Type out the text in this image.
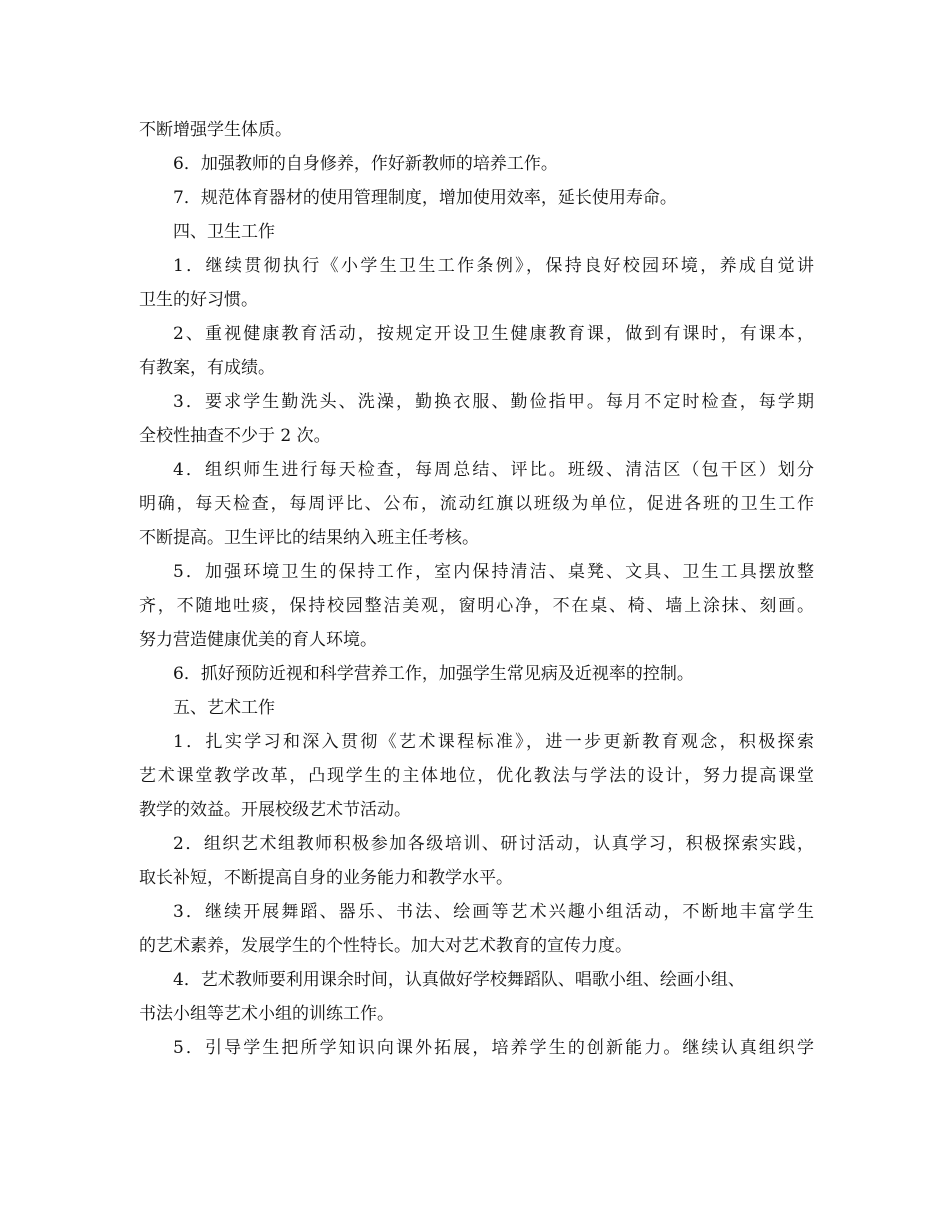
不断增强学生体质。
6．加强教师的自身修养，作好新教师的培养工作。
7．规范体育器材的使用管理制度，增加使用效率，延长使用寿命。
四、卫生工作
1．继续贯彻执行《小学生卫生工作条例》，保持良好校园环境，养成自觉讲
卫生的好习惯。
2、重视健康教育活动，按规定开设卫生健康教育课，做到有课时，有课本，
有教案，有成绩。
3．要求学生勤洗头、洗澡，勤换衣服、勤俭指甲。每月不定时检查，每学期
全校性抽查不少于 2 次。
4．组织师生进行每天检查，每周总结、评比。班级、清洁区（包干区）划分
明确，每天检查，每周评比、公布，流动红旗以班级为单位，促进各班的卫生工作
不断提高。卫生评比的结果纳入班主任考核。
5．加强环境卫生的保持工作，室内保持清洁、桌凳、文具、卫生工具摆放整
齐，不随地吐痰，保持校园整洁美观，窗明心净，不在桌、椅、墙上涂抹、刻画。
努力营造健康优美的育人环境。
6．抓好预防近视和科学营养工作，加强学生常见病及近视率的控制。
五、艺术工作
1．扎实学习和深入贯彻《艺术课程标准》，进一步更新教育观念，积极探索
艺术课堂教学改革，凸现学生的主体地位，优化教法与学法的设计，努力提高课堂
教学的效益。开展校级艺术节活动。
2．组织艺术组教师积极参加各级培训、研讨活动，认真学习，积极探索实践，
取长补短，不断提高自身的业务能力和教学水平。
3．继续开展舞蹈、器乐、书法、绘画等艺术兴趣小组活动，不断地丰富学生
的艺术素养，发展学生的个性特长。加大对艺术教育的宣传力度。
4．艺术教师要利用课余时间，认真做好学校舞蹈队、唱歌小组、绘画小组、
书法小组等艺术小组的训练工作。
5．引导学生把所学知识向课外拓展，培养学生的创新能力。继续认真组织学
